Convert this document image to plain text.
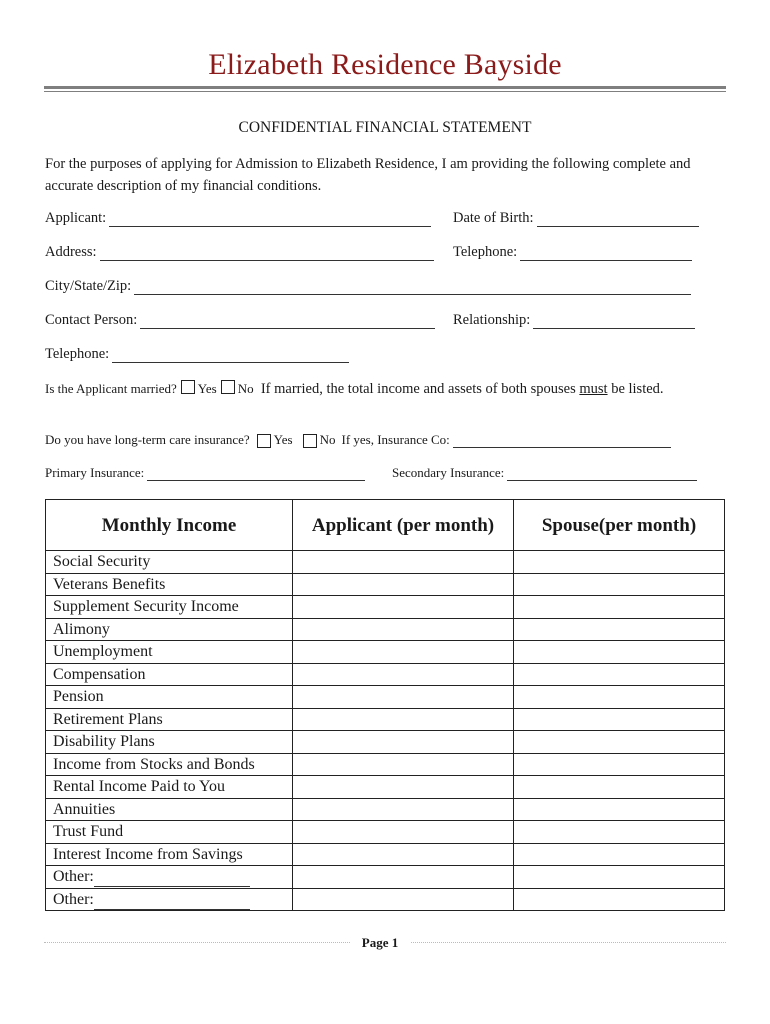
Elizabeth Residence Bayside
CONFIDENTIAL FINANCIAL STATEMENT
For the purposes of applying for Admission to Elizabeth Residence, I am providing the following complete and accurate description of my financial conditions.
Applicant:	Date of Birth:
Address:	Telephone:
City/State/Zip:
Contact Person:	Relationship:
Telephone:
Is the Applicant married? Yes No If married, the total income and assets of both spouses must be listed.
Do you have long-term care insurance? Yes No If yes, Insurance Co:
Primary Insurance:	Secondary Insurance:
Monthly Income	Applicant (per month)	Spouse(per month)
Social Security		
Veterans Benefits		
Supplement Security Income		
Alimony		
Unemployment		
Compensation		
Pension		
Retirement Plans		
Disability Plans		
Income from Stocks and Bonds		
Rental Income Paid to You		
Annuities		
Trust Fund		
Interest Income from Savings		
Other:		
Other:		
Page 1
